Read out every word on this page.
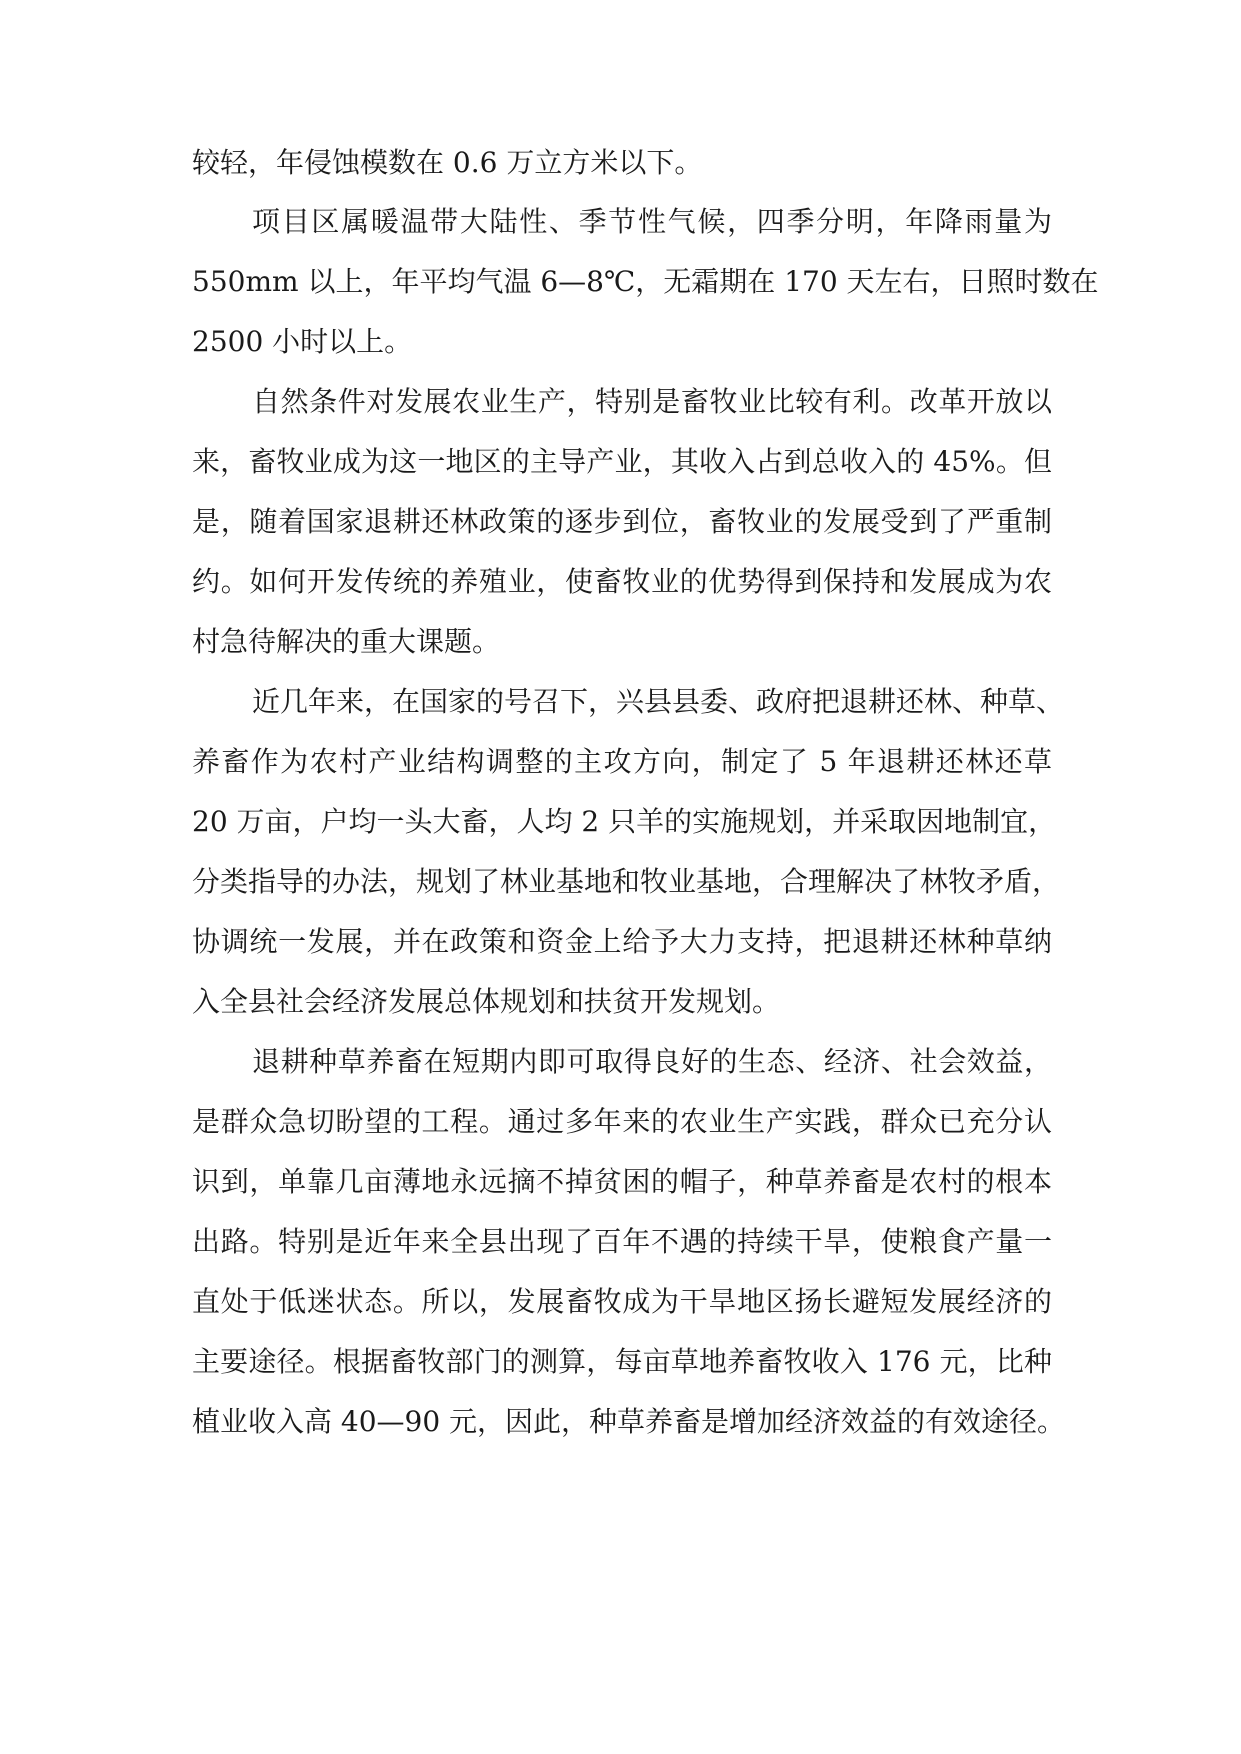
较轻，年侵蚀模数在 0.6 万立方米以下。

项目区属暖温带大陆性、季节性气候，四季分明，年降雨量为

550mm 以上，年平均气温 6—8℃，无霜期在 170 天左右，日照时数在

2500 小时以上。

自然条件对发展农业生产，特别是畜牧业比较有利。改革开放以

来，畜牧业成为这一地区的主导产业，其收入占到总收入的 45%。但

是，随着国家退耕还林政策的逐步到位，畜牧业的发展受到了严重制

约。如何开发传统的养殖业，使畜牧业的优势得到保持和发展成为农

村急待解决的重大课题。

近几年来，在国家的号召下，兴县县委、政府把退耕还林、种草、

养畜作为农村产业结构调整的主攻方向，制定了 5 年退耕还林还草

20 万亩，户均一头大畜，人均 2 只羊的实施规划，并采取因地制宜，

分类指导的办法，规划了林业基地和牧业基地，合理解决了林牧矛盾，

协调统一发展，并在政策和资金上给予大力支持，把退耕还林种草纳

入全县社会经济发展总体规划和扶贫开发规划。

退耕种草养畜在短期内即可取得良好的生态、经济、社会效益，

是群众急切盼望的工程。通过多年来的农业生产实践，群众已充分认

识到，单靠几亩薄地永远摘不掉贫困的帽子，种草养畜是农村的根本

出路。特别是近年来全县出现了百年不遇的持续干旱，使粮食产量一

直处于低迷状态。所以，发展畜牧成为干旱地区扬长避短发展经济的

主要途径。根据畜牧部门的测算，每亩草地养畜牧收入 176 元，比种

植业收入高 40—90 元，因此，种草养畜是增加经济效益的有效途径。
